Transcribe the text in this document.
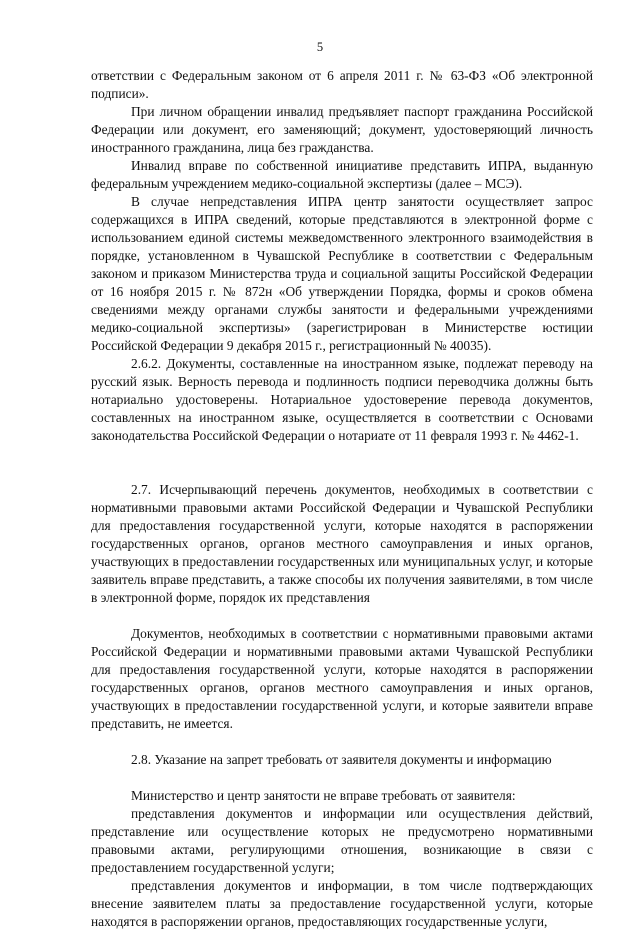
5

ответствии с Федеральным законом от 6 апреля 2011 г. № 63-ФЗ «Об электронной подписи».

При личном обращении инвалид предъявляет паспорт гражданина Российской Федерации или документ, его заменяющий; документ, удостоверяющий личность иностранного гражданина, лица без гражданства.

Инвалид вправе по собственной инициативе представить ИПРА, выданную федеральным учреждением медико-социальной экспертизы (далее – МСЭ).

В случае непредставления ИПРА центр занятости осуществляет запрос содержащихся в ИПРА сведений, которые представляются в электронной форме с использованием единой системы межведомственного электронного взаимодействия в порядке, установленном в Чувашской Республике в соответствии с Федеральным законом и приказом Министерства труда и социальной защиты Российской Федерации от 16 ноября 2015 г. № 872н «Об утверждении Порядка, формы и сроков обмена сведениями между органами службы занятости и федеральными учреждениями медико-социальной экспертизы» (зарегистрирован в Министерстве юстиции Российской Федерации 9 декабря 2015 г., регистрационный № 40035).

2.6.2. Документы, составленные на иностранном языке, подлежат переводу на русский язык. Верность перевода и подлинность подписи переводчика должны быть нотариально удостоверены. Нотариальное удостоверение перевода документов, составленных на иностранном языке, осуществляется в соответствии с Основами законодательства Российской Федерации о нотариате от 11 февраля 1993 г. № 4462-1.

2.7. Исчерпывающий перечень документов, необходимых в соответствии с нормативными правовыми актами Российской Федерации и Чувашской Республики для предоставления государственной услуги, которые находятся в распоряжении государственных органов, органов местного самоуправления и иных органов, участвующих в предоставлении государственных или муниципальных услуг, и которые заявитель вправе представить, а также способы их получения заявителями, в том числе в электронной форме, порядок их представления

Документов, необходимых в соответствии с нормативными правовыми актами Российской Федерации и нормативными правовыми актами Чувашской Республики для предоставления государственной услуги, которые находятся в распоряжении государственных органов, органов местного самоуправления и иных органов, участвующих в предоставлении государственной услуги, и которые заявители вправе представить, не имеется.

2.8. Указание на запрет требовать от заявителя документы и информацию

Министерство и центр занятости не вправе требовать от заявителя:

представления документов и информации или осуществления действий, представление или осуществление которых не предусмотрено нормативными правовыми актами, регулирующими отношения, возникающие в связи с предоставлением государственной услуги;

представления документов и информации, в том числе подтверждающих внесение заявителем платы за предоставление государственной услуги, которые находятся в распоряжении органов, предоставляющих государственные услуги,
